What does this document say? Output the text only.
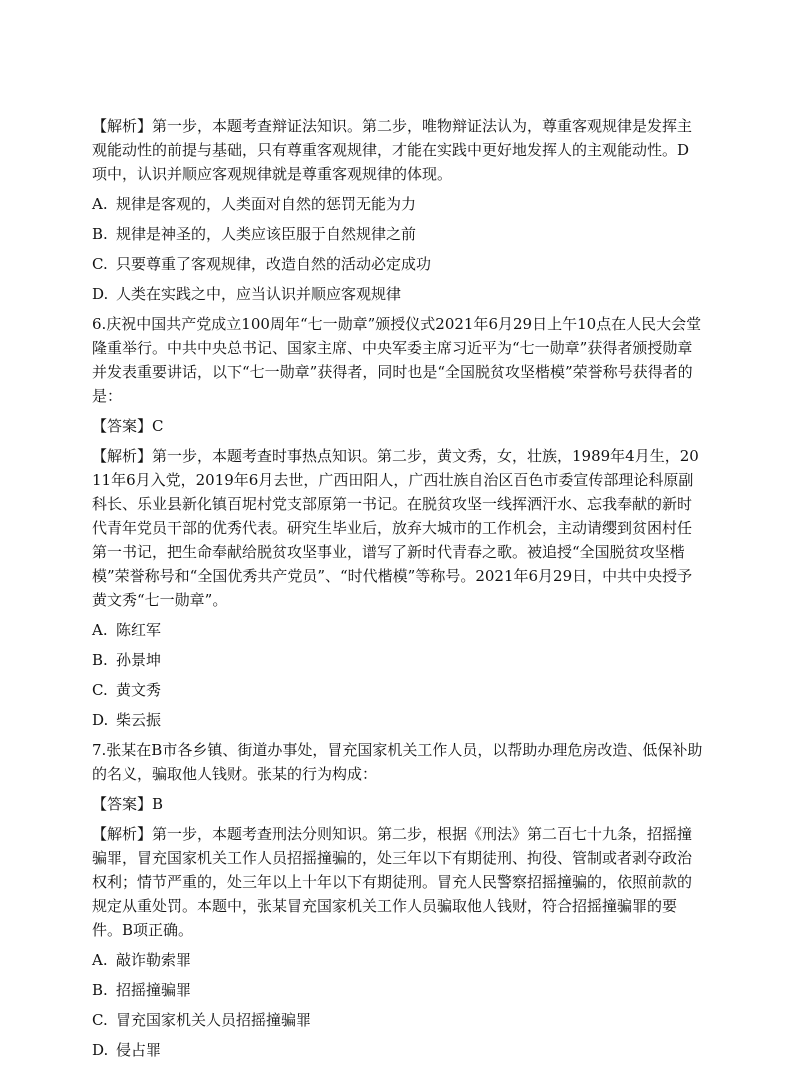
【解析】第一步，本题考查辩证法知识。第二步，唯物辩证法认为，尊重客观规律是发挥主观能动性的前提与基础，只有尊重客观规律，才能在实践中更好地发挥人的主观能动性。D项中，认识并顺应客观规律就是尊重客观规律的体现。
A. 规律是客观的，人类面对自然的惩罚无能为力
B. 规律是神圣的，人类应该臣服于自然规律之前
C. 只要尊重了客观规律，改造自然的活动必定成功
D. 人类在实践之中，应当认识并顺应客观规律
6.庆祝中国共产党成立100周年“七一勋章”颁授仪式2021年6月29日上午10点在人民大会堂隆重举行。中共中央总书记、国家主席、中央军委主席习近平为“七一勋章”获得者颁授勋章并发表重要讲话，以下“七一勋章”获得者，同时也是“全国脱贫攻坚楷模”荣誉称号获得者的是：
【答案】C
【解析】第一步，本题考查时事热点知识。第二步，黄文秀，女，壮族，1989年4月生，2011年6月入党，2019年6月去世，广西田阳人，广西壮族自治区百色市委宣传部理论科原副科长、乐业县新化镇百坭村党支部原第一书记。在脱贫攻坚一线挥洒汗水、忘我奉献的新时代青年党员干部的优秀代表。研究生毕业后，放弃大城市的工作机会，主动请缨到贫困村任第一书记，把生命奉献给脱贫攻坚事业，谱写了新时代青春之歌。被追授“全国脱贫攻坚楷模”荣誉称号和“全国优秀共产党员”、“时代楷模”等称号。2021年6月29日，中共中央授予黄文秀“七一勋章”。
A. 陈红军
B. 孙景坤
C. 黄文秀
D. 柴云振
7.张某在B市各乡镇、街道办事处，冒充国家机关工作人员，以帮助办理危房改造、低保补助的名义，骗取他人钱财。张某的行为构成：
【答案】B
【解析】第一步，本题考查刑法分则知识。第二步，根据《刑法》第二百七十九条，招摇撞骗罪，冒充国家机关工作人员招摇撞骗的，处三年以下有期徒刑、拘役、管制或者剥夺政治权利；情节严重的，处三年以上十年以下有期徒刑。冒充人民警察招摇撞骗的，依照前款的规定从重处罚。本题中，张某冒充国家机关工作人员骗取他人钱财，符合招摇撞骗罪的要件。B项正确。
A. 敲诈勒索罪
B. 招摇撞骗罪
C. 冒充国家机关人员招摇撞骗罪
D. 侵占罪
